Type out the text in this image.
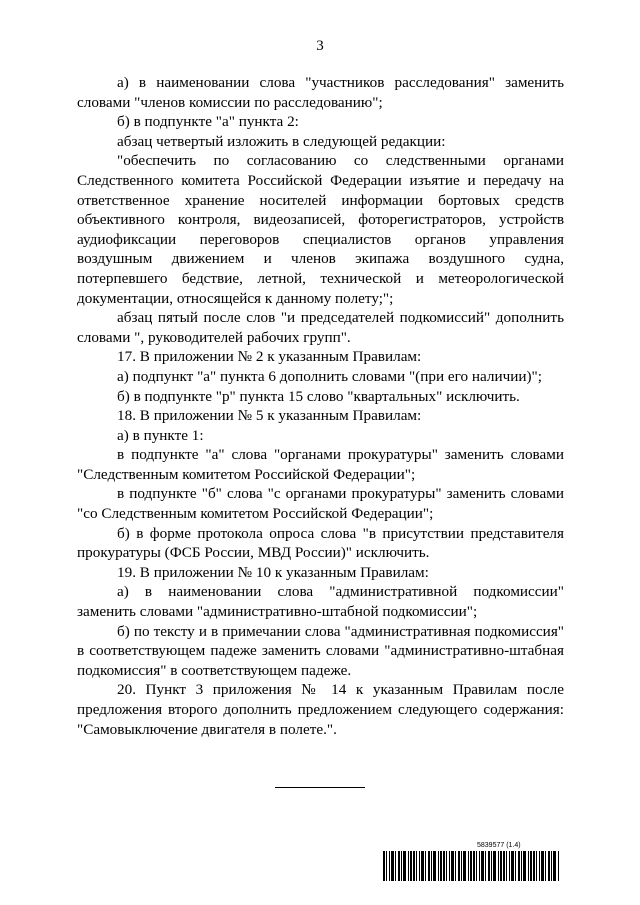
3

а) в наименовании слова "участников расследования" заменить словами "членов комиссии по расследованию";

б) в подпункте "а" пункта 2:

абзац четвертый изложить в следующей редакции:

"обеспечить по согласованию со следственными органами Следственного комитета Российской Федерации изъятие и передачу на ответственное хранение носителей информации бортовых средств объективного контроля, видеозаписей, фоторегистраторов, устройств аудиофиксации переговоров специалистов органов управления воздушным движением и членов экипажа воздушного судна, потерпевшего бедствие, летной, технической и метеорологической документации, относящейся к данному полету;";

абзац пятый после слов "и председателей подкомиссий" дополнить словами ", руководителей рабочих групп".

17. В приложении № 2 к указанным Правилам:

а) подпункт "а" пункта 6 дополнить словами "(при его наличии)";

б) в подпункте "р" пункта 15 слово "квартальных" исключить.

18. В приложении № 5 к указанным Правилам:

а) в пункте 1:

в подпункте "а" слова "органами прокуратуры" заменить словами "Следственным комитетом Российской Федерации";

в подпункте "б" слова "с органами прокуратуры" заменить словами "со Следственным комитетом Российской Федерации";

б) в форме протокола опроса слова "в присутствии представителя прокуратуры (ФСБ России, МВД России)" исключить.

19. В приложении № 10 к указанным Правилам:

а) в наименовании слова "административной подкомиссии" заменить словами "административно-штабной подкомиссии";

б) по тексту и в примечании слова "административная подкомиссия" в соответствующем падеже заменить словами "административно-штабная подкомиссия" в соответствующем падеже.

20. Пункт 3 приложения № 14 к указанным Правилам после предложения второго дополнить предложением следующего содержания: "Самовыключение двигателя в полете.".

5839577 (1.4)
